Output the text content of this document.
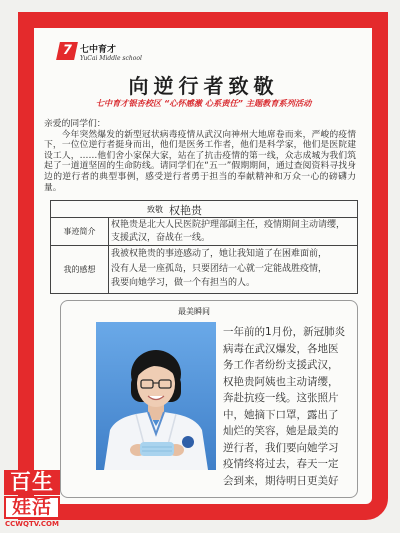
7 七中育才
YuCai Middle school
向逆行者致敬
七中育才银杏校区 “心怀感激 心系责任” 主题教育系列活动
亲爱的同学们：
今年突然爆发的新型冠状病毒疫情从武汉向神州大地席卷而来，严峻的疫情下，一位位逆行者挺身而出，他们是医务工作者，他们是科学家，他们是医院建设工人，……他们舍小家保大家，站在了抗击疫情的第一线，众志成城为我们筑起了一道道坚固的生命防线。请同学们在“五一”假期期间，通过查阅资料寻找身边的逆行者的典型事例，感受逆行者勇于担当的奉献精神和万众一心的磅礴力量。
致敬 权艳贵
事迹简介
权艳贵是北大人民医院护理部副主任，疫情期间主动请缨，
支援武汉，奋战在一线。
我的感想
我被权艳贵的事迹感动了，她让我知道了在困难面前，
没有人是一座孤岛，只要团结一心就一定能战胜疫情，
我要向她学习，做一个有担当的人。
最美瞬间
一年前的1月份，新冠肺炎
病毒在武汉爆发，各地医
务工作者纷纷支援武汉，
权艳贵阿姨也主动请缨，
奔赴抗疫一线。这张照片
中，她摘下口罩，露出了
灿烂的笑容，她是最美的
逆行者，我们要向她学习
疫情终将过去，春天一定
会到来，期待明日更美好
百生
娃活
CCWQTV.COM
